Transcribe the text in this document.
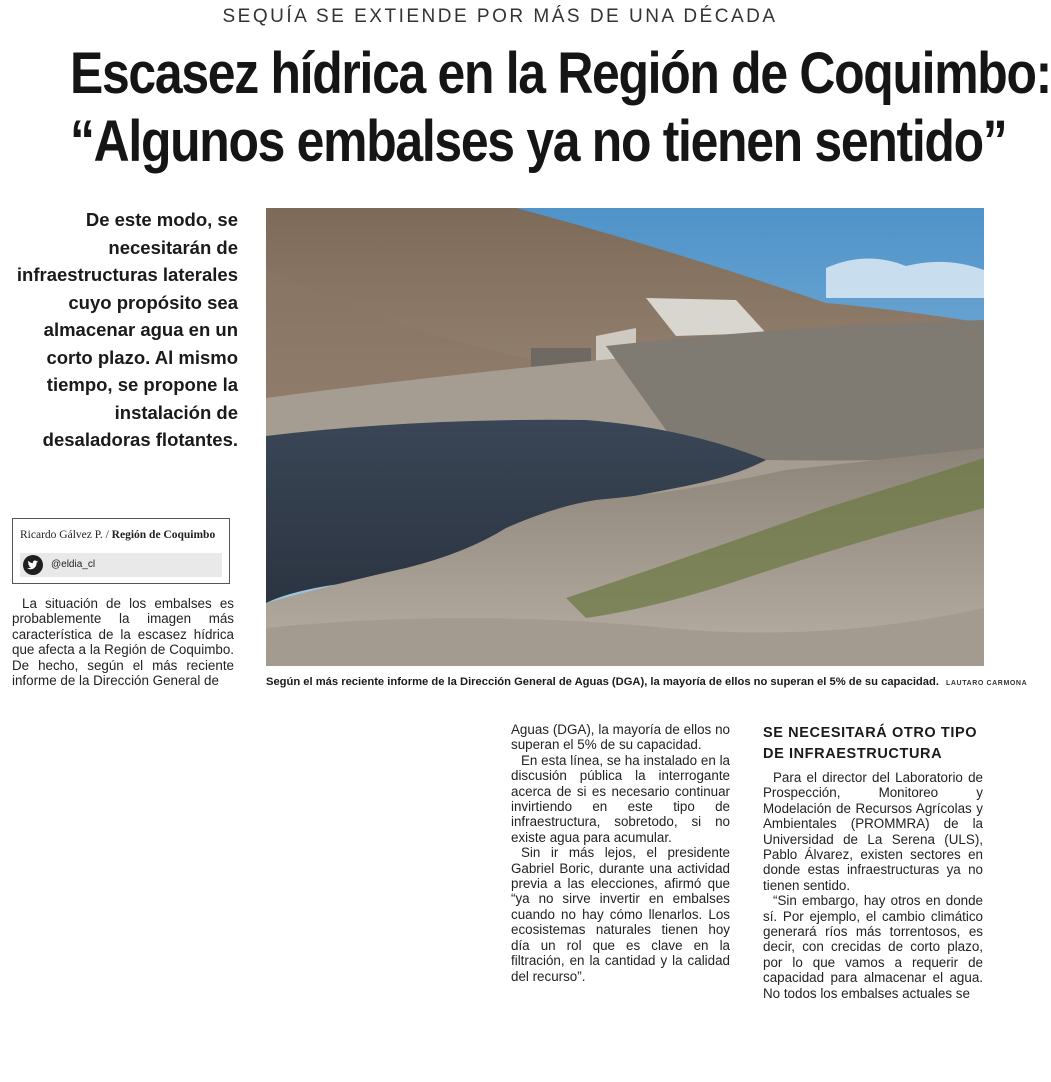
SEQUÍA SE EXTIENDE POR MÁS DE UNA DÉCADA
Escasez hídrica en la Región de Coquimbo:
“Algunos embalses ya no tienen sentido”
De este modo, se necesitarán de infraestructuras laterales cuyo propósito sea almacenar agua en un corto plazo. Al mismo tiempo, se propone la instalación de desaladoras flotantes.
Ricardo Gálvez P. / Región de Coquimbo
@eldia_cl

La situación de los embalses es probablemente la imagen más característica de la escasez hídrica que afecta a la Región de Coquimbo. De hecho, según el más reciente informe de la Dirección General de	Según el más reciente informe de la Dirección General de Aguas (DGA), la mayoría de ellos no superan el 5% de su capacidad. LAUTARO CARMONA

Aguas (DGA), la mayoría de ellos no superan el 5% de su capacidad.

En esta línea, se ha instalado en la discusión pública la interrogante acerca de si es necesario continuar invirtiendo en este tipo de infraestructura, sobretodo, si no existe agua para acumular.

Sin ir más lejos, el presidente Gabriel Boric, durante una actividad previa a las elecciones, afirmó que “ya no sirve invertir en embalses cuando no hay cómo llenarlos. Los ecosistemas naturales tienen hoy día un rol que es clave en la filtración, en la cantidad y la calidad del recurso”.

SE NECESITARÁ OTRO TIPO DE INFRAESTRUCTURA

Para el director del Laboratorio de Prospección, Monitoreo y Modelación de Recursos Agrícolas y Ambientales (PROMMRA) de la Universidad de La Serena (ULS), Pablo Álvarez, existen sectores en donde estas infraestructuras ya no tienen sentido.

“Sin embargo, hay otros en donde sí. Por ejemplo, el cambio climático generará ríos más torrentosos, es decir, con crecidas de corto plazo, por lo que vamos a requerir de capacidad para almacenar el agua. No todos los embalses actuales se
